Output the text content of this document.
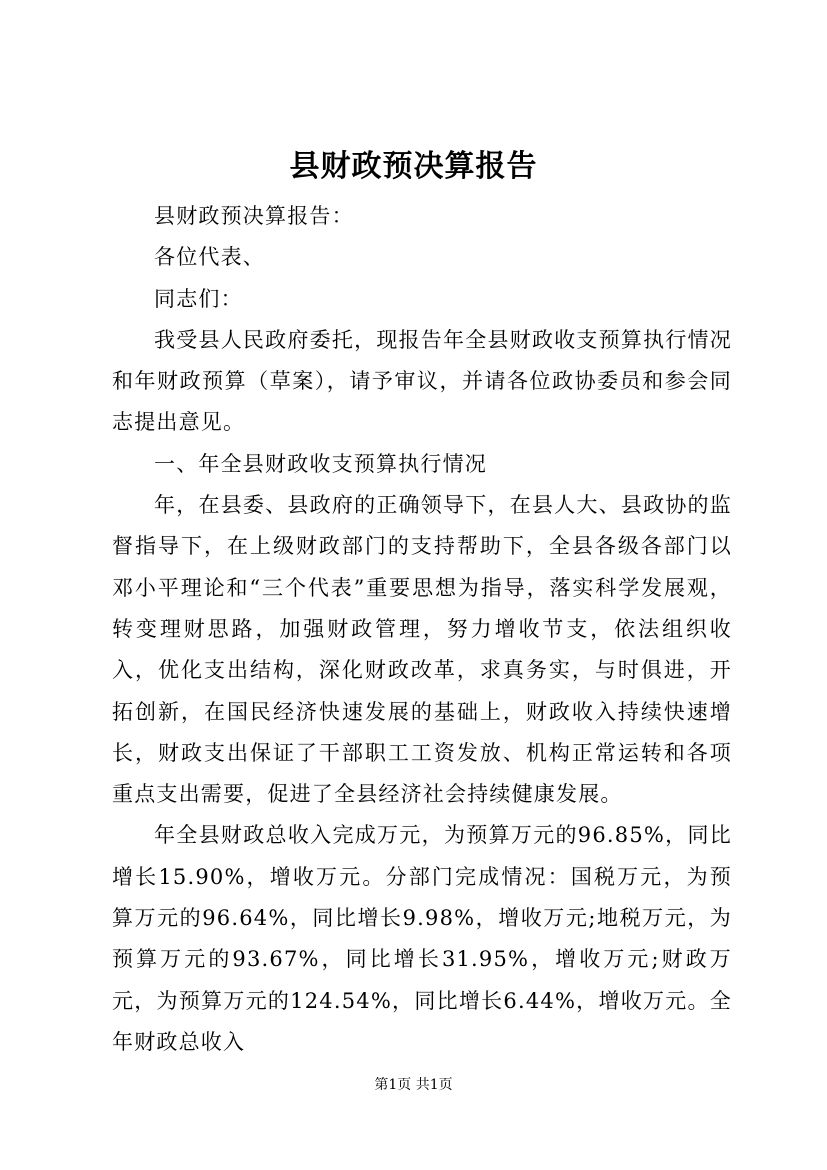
县财政预决算报告

县财政预决算报告：

各位代表、

同志们：

我受县人民政府委托，现报告年全县财政收支预算执行情况和年财政预算（草案），请予审议，并请各位政协委员和参会同志提出意见。

一、年全县财政收支预算执行情况

年，在县委、县政府的正确领导下，在县人大、县政协的监督指导下，在上级财政部门的支持帮助下，全县各级各部门以邓小平理论和“三个代表”重要思想为指导，落实科学发展观，转变理财思路，加强财政管理，努力增收节支，依法组织收入，优化支出结构，深化财政改革，求真务实，与时俱进，开拓创新，在国民经济快速发展的基础上，财政收入持续快速增长，财政支出保证了干部职工工资发放、机构正常运转和各项重点支出需要，促进了全县经济社会持续健康发展。

年全县财政总收入完成万元，为预算万元的96.85%，同比增长15.90%，增收万元。分部门完成情况：国税万元，为预算万元的96.64%，同比增长9.98%，增收万元;地税万元，为预算万元的93.67%，同比增长31.95%，增收万元;财政万元，为预算万元的124.54%，同比增长6.44%，增收万元。全年财政总收入

第1页 共1页
